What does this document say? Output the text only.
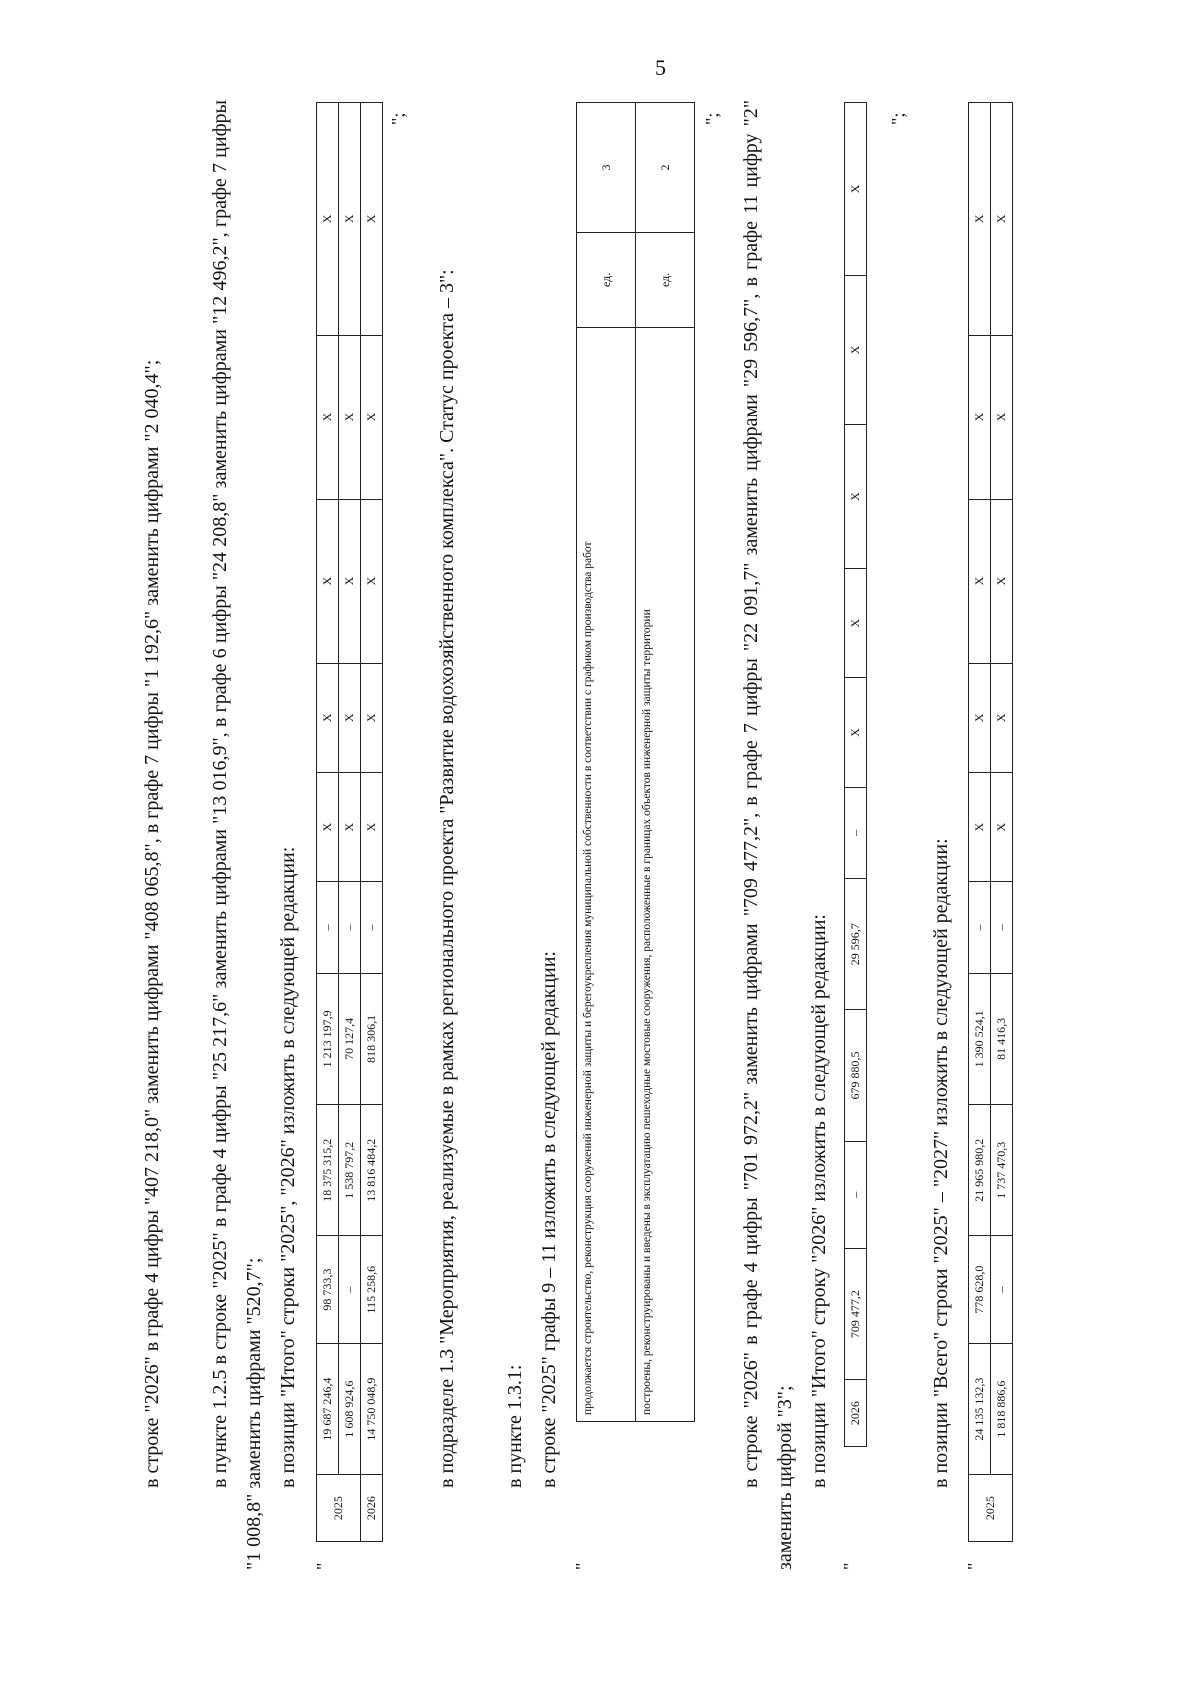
5

в строке "2026" в графе 4 цифры "407 218,0" заменить цифрами "408 065,8", в графе 7 цифры "1 192,6" заменить цифрами "2 040,4";	в пункте 1.2.5 в строке "2025" в графе 4 цифры "25 217,6" заменить цифрами "13 016,9", в графе 6 цифры "24 208,8" заменить цифрами "12 496,2", графе 7 цифры "1 008,8" заменить цифрами "520,7"; в позиции "Итого" строки "2025", "2026" изложить в следующей редакции:

"
2025	19 687 246,4	98 733,3	18 375 315,2	1 213 197,9	–	X	X	X	X	X
	1 608 924,6	–	1 538 797,2	70 127,4	–	X	X	X	X	X
2026	14 750 048,9	115 258,6	13 816 484,2	818 306,1	–	X	X	X	X	X
";

в подразделе 1.3 "Мероприятия, реализуемые в рамках регионального проекта "Развитие водохозяйственного комплекса". Статус проекта – 3":	в пункте 1.3.1: в строке "2025" графы 9 – 11 изложить в следующей редакции:

"
продолжается строительство, реконструкция сооружений инженерной защиты и берегоукрепления муниципальной собственности в соответствии с графиком производства работ	ед.	3
построены, реконструированы и введены в эксплуатацию пешеходные мостовые сооружения, расположенные в границах объектов инженерной защиты территории	ед.	2
"; в строке "2026" в графе 4 цифры "701 972,2" заменить цифрами "709 477,2", в графе 7 цифры "22 091,7" заменить цифрами "29 596,7", в графе 11 цифру "2" заменить цифрой "3"; в позиции "Итого" строку "2026" изложить в следующей редакции:

"
2026	709 477,2	–	679 880,5	29 596,7	–	X	X	X	X	X
";

в позиции "Всего" строки "2025" – "2027" изложить в следующей редакции:

"
2025	24 135 132,3	778 628,0	21 965 980,2	1 390 524,1	–	X	X	X	X	X
	1 818 886,6	–	1 737 470,3	81 416,3	–	X	X	X	X	X
